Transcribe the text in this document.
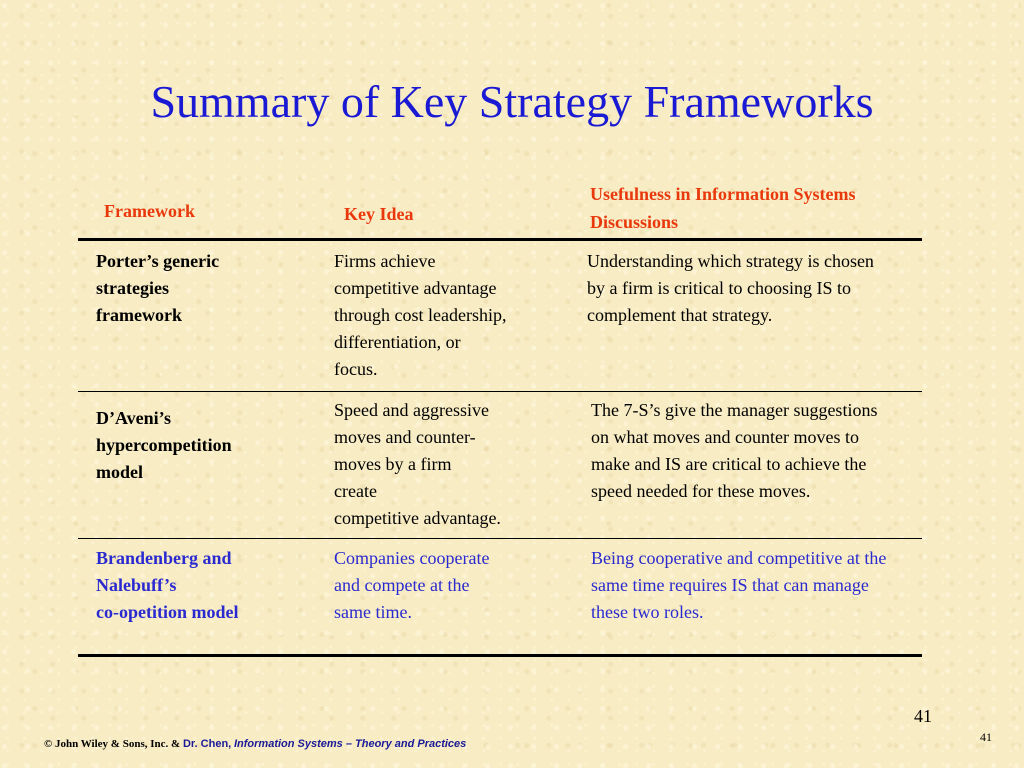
Summary of Key Strategy Frameworks
Framework	Key Idea
Usefulness in Information Systems
Discussions
Porter’s generic
strategies
framework
Firms achieve
competitive advantage
through cost leadership,
differentiation, or
focus.
Understanding which strategy is chosen
by a firm is critical to choosing IS to
complement that strategy.
D’Aveni’s
hypercompetition
model
Speed and aggressive
moves and counter-
moves by a firm
create
competitive advantage.
The 7-S’s give the manager suggestions
on what moves and counter moves to
make and IS are critical to achieve the
speed needed for these moves.
Brandenberg and
Nalebuff’s
co-opetition model
Companies cooperate
and compete at the
same time.
Being cooperative and competitive at the
same time requires IS that can manage
these two roles.
41
41
© John Wiley & Sons, Inc. & Dr. Chen, Information Systems – Theory and Practices
